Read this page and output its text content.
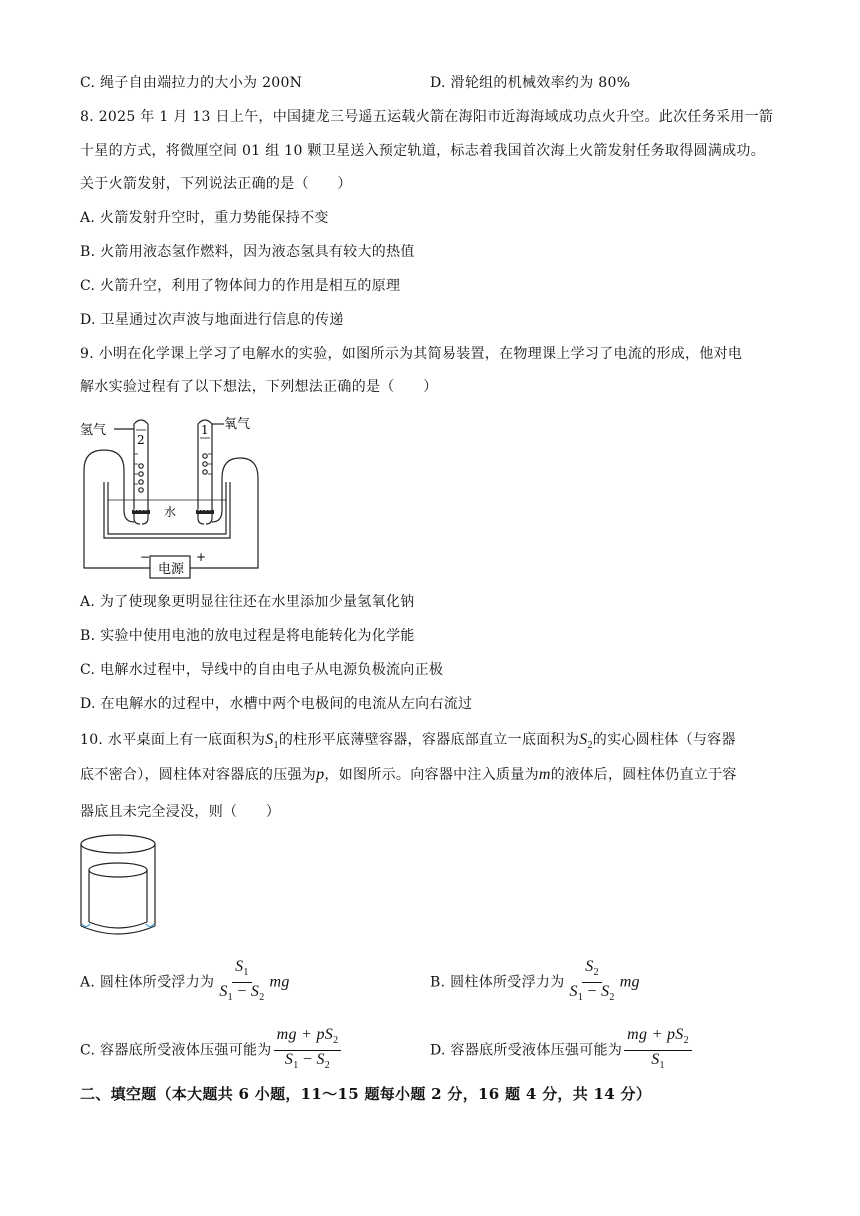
C. 绳子自由端拉力的大小为 200N	D. 滑轮组的机械效率约为 80%
8. 2025 年 1 月 13 日上午，中国捷龙三号遥五运载火箭在海阳市近海海域成功点火升空。此次任务采用一箭
十星的方式，将微厘空间 01 组 10 颗卫星送入预定轨道，标志着我国首次海上火箭发射任务取得圆满成功。
关于火箭发射，下列说法正确的是（　　）
A. 火箭发射升空时，重力势能保持不变
B. 火箭用液态氢作燃料，因为液态氢具有较大的热值
C. 火箭升空，利用了物体间力的作用是相互的原理
D. 卫星通过次声波与地面进行信息的传递
9. 小明在化学课上学习了电解水的实验，如图所示为其简易装置，在物理课上学习了电流的形成，他对电
解水实验过程有了以下想法，下列想法正确的是（　　）
氢气	氧气
2
1
水
电源
−	+
A. 为了使现象更明显往往还在水里添加少量氢氧化钠
B. 实验中使用电池的放电过程是将电能转化为化学能
C. 电解水过程中，导线中的自由电子从电源负极流向正极
D. 在电解水的过程中，水槽中两个电极间的电流从左向右流过
10. 水平桌面上有一底面积为$S_1$的柱形平底薄壁容器，容器底部直立一底面积为$S_2$的实心圆柱体（与容器
底不密合），圆柱体对容器底的压强为p，如图所示。向容器中注入质量为m的液体后，圆柱体仍直立于容
器底且未完全浸没，则（　　）
A. 圆柱体所受浮力为 $\frac{S_1}{S_1 - S_2}$ mg	B. 圆柱体所受浮力为 $\frac{S_2}{S_1 - S_2}$ mg
C. 容器底所受液体压强可能为 $\frac{mg + pS_2}{S_1 - S_2}$	D. 容器底所受液体压强可能为 $\frac{mg + pS_2}{S_1}$
二、填空题（本大题共 6 小题，11～15 题每小题 2 分，16 题 4 分，共 14 分）
